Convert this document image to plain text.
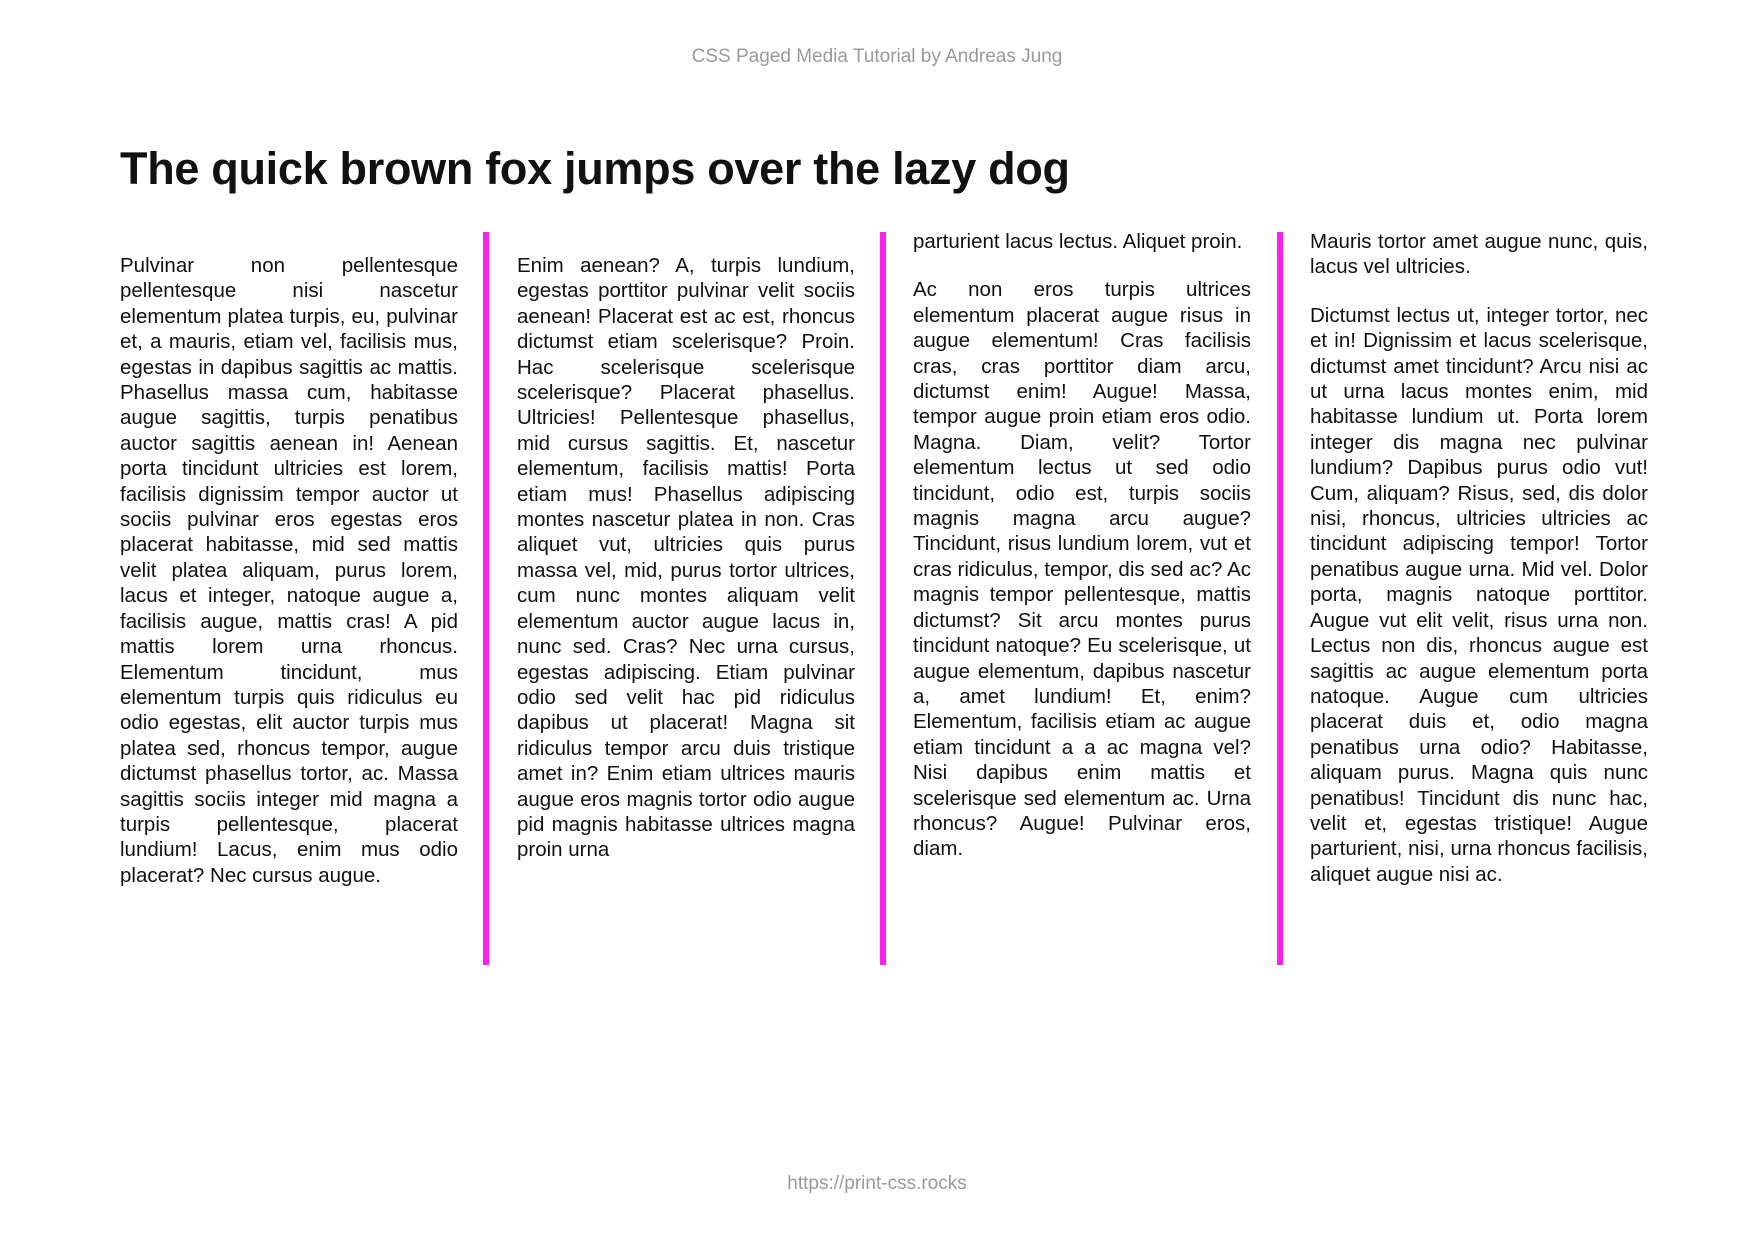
CSS Paged Media Tutorial by Andreas Jung
The quick brown fox jumps over the lazy dog

Pulvinar non pellentesque pellentesque nisi nascetur elementum platea turpis, eu, pulvinar et, a mauris, etiam vel, facilisis mus, egestas in dapibus sagittis ac mattis. Phasellus massa cum, habitasse augue sagittis, turpis penatibus auctor sagittis aenean in! Aenean porta tincidunt ultricies est lorem, facilisis dignissim tempor auctor ut sociis pulvinar eros egestas eros placerat habitasse, mid sed mattis velit platea aliquam, purus lorem, lacus et integer, natoque augue a, facilisis augue, mattis cras! A pid mattis lorem urna rhoncus. Elementum tincidunt, mus elementum turpis quis ridiculus eu odio egestas, elit auctor turpis mus platea sed, rhoncus tempor, augue dictumst phasellus tortor, ac. Massa sagittis sociis integer mid magna a turpis pellentesque, placerat lundium! Lacus, enim mus odio placerat? Nec cursus augue.

Enim aenean? A, turpis lundium, egestas porttitor pulvinar velit sociis aenean! Placerat est ac est, rhoncus dictumst etiam scelerisque? Proin. Hac scelerisque scelerisque scelerisque? Placerat phasellus. Ultricies! Pellentesque phasellus, mid cursus sagittis. Et, nascetur elementum, facilisis mattis! Porta etiam mus! Phasellus adipiscing montes nascetur platea in non. Cras aliquet vut, ultricies quis purus massa vel, mid, purus tortor ultrices, cum nunc montes aliquam velit elementum auctor augue lacus in, nunc sed. Cras? Nec urna cursus, egestas adipiscing. Etiam pulvinar odio sed velit hac pid ridiculus dapibus ut placerat! Magna sit ridiculus tempor arcu duis tristique amet in? Enim etiam ultrices mauris augue eros magnis tortor odio augue pid magnis habitasse ultrices magna proin urna

parturient lacus lectus. Aliquet proin.

Ac non eros turpis ultrices elementum placerat augue risus in augue elementum! Cras facilisis cras, cras porttitor diam arcu, dictumst enim! Augue! Massa, tempor augue proin etiam eros odio. Magna. Diam, velit? Tortor elementum lectus ut sed odio tincidunt, odio est, turpis sociis magnis magna arcu augue? Tincidunt, risus lundium lorem, vut et cras ridiculus, tempor, dis sed ac? Ac magnis tempor pellentesque, mattis dictumst? Sit arcu montes purus tincidunt natoque? Eu scelerisque, ut augue elementum, dapibus nascetur a, amet lundium! Et, enim? Elementum, facilisis etiam ac augue etiam tincidunt a a ac magna vel? Nisi dapibus enim mattis et scelerisque sed elementum ac. Urna rhoncus? Augue! Pulvinar eros, diam.

Mauris tortor amet augue nunc, quis, lacus vel ultricies.

Dictumst lectus ut, integer tortor, nec et in! Dignissim et lacus scelerisque, dictumst amet tincidunt? Arcu nisi ac ut urna lacus montes enim, mid habitasse lundium ut. Porta lorem integer dis magna nec pulvinar lundium? Dapibus purus odio vut! Cum, aliquam? Risus, sed, dis dolor nisi, rhoncus, ultricies ultricies ac tincidunt adipiscing tempor! Tortor penatibus augue urna. Mid vel. Dolor porta, magnis natoque porttitor. Augue vut elit velit, risus urna non. Lectus non dis, rhoncus augue est sagittis ac augue elementum porta natoque. Augue cum ultricies placerat duis et, odio magna penatibus urna odio? Habitasse, aliquam purus. Magna quis nunc penatibus! Tincidunt dis nunc hac, velit et, egestas tristique! Augue parturient, nisi, urna rhoncus facilisis, aliquet augue nisi ac.

https://print-css.rocks
